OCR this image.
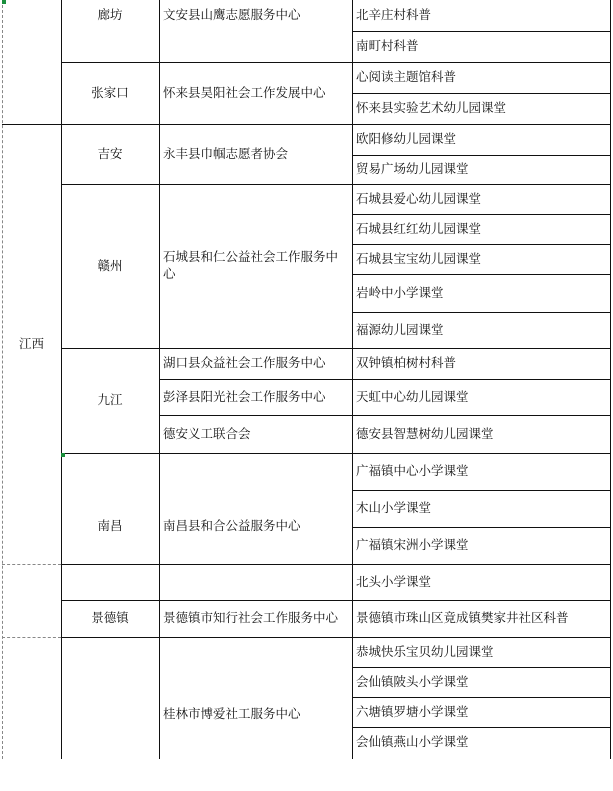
江西
廊坊
张家口
吉安
赣州
九江
南昌
景德镇
文安县山鹰志愿服务中心
怀来县昊阳社会工作发展中心
永丰县巾帼志愿者协会
石城县和仁公益社会工作服务中心
湖口县众益社会工作服务中心
彭泽县阳光社会工作服务中心
德安义工联合会
南昌县和合公益服务中心
景德镇市知行社会工作服务中心
桂林市博爱社工服务中心
北辛庄村科普
南町村科普
心阅读主题馆科普
怀来县实验艺术幼儿园课堂
欧阳修幼儿园课堂
贸易广场幼儿园课堂
石城县爱心幼儿园课堂
石城县红红幼儿园课堂
石城县宝宝幼儿园课堂
岩岭中小学课堂
福源幼儿园课堂
双钟镇柏树村科普
天虹中心幼儿园课堂
德安县智慧树幼儿园课堂
广福镇中心小学课堂
木山小学课堂
广福镇宋洲小学课堂
北头小学课堂
景德镇市珠山区竟成镇樊家井社区科普
恭城快乐宝贝幼儿园课堂
会仙镇陂头小学课堂
六塘镇罗塘小学课堂
会仙镇燕山小学课堂
